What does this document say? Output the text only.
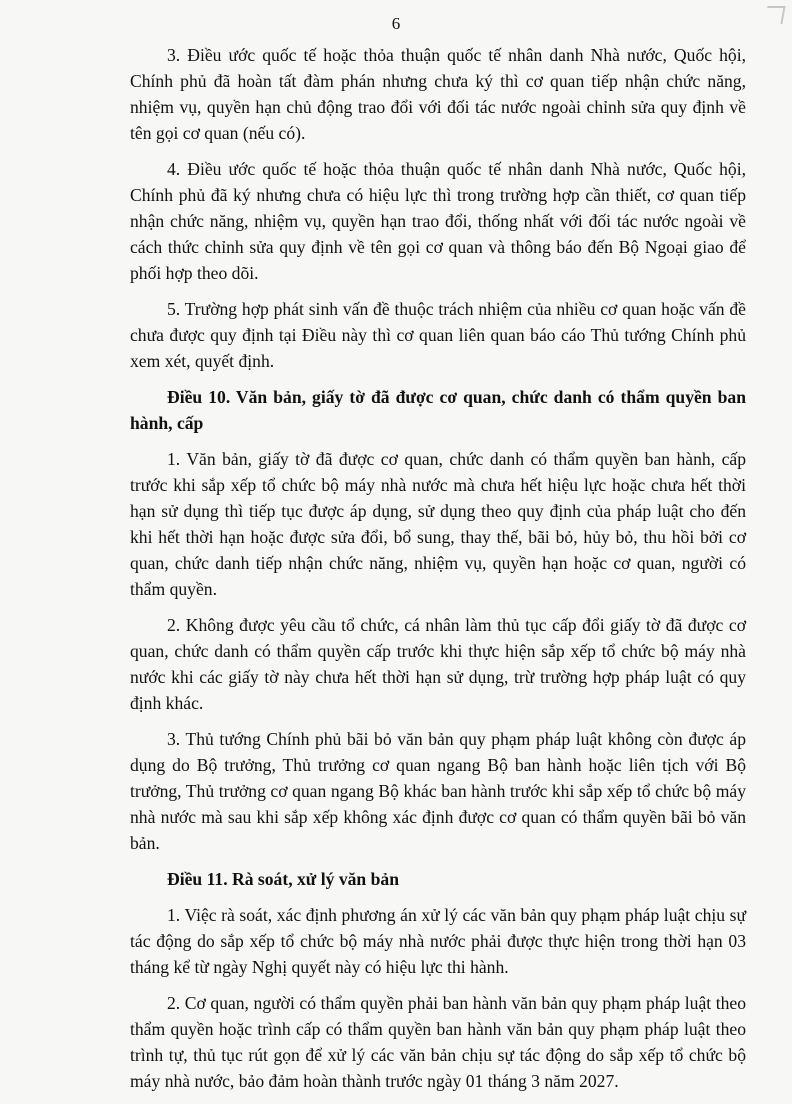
6

3. Điều ước quốc tế hoặc thỏa thuận quốc tế nhân danh Nhà nước, Quốc hội, Chính phủ đã hoàn tất đàm phán nhưng chưa ký thì cơ quan tiếp nhận chức năng, nhiệm vụ, quyền hạn chủ động trao đổi với đối tác nước ngoài chỉnh sửa quy định về tên gọi cơ quan (nếu có).

4. Điều ước quốc tế hoặc thỏa thuận quốc tế nhân danh Nhà nước, Quốc hội, Chính phủ đã ký nhưng chưa có hiệu lực thì trong trường hợp cần thiết, cơ quan tiếp nhận chức năng, nhiệm vụ, quyền hạn trao đổi, thống nhất với đối tác nước ngoài về cách thức chỉnh sửa quy định về tên gọi cơ quan và thông báo đến Bộ Ngoại giao để phối hợp theo dõi.

5. Trường hợp phát sinh vấn đề thuộc trách nhiệm của nhiều cơ quan hoặc vấn đề chưa được quy định tại Điều này thì cơ quan liên quan báo cáo Thủ tướng Chính phủ xem xét, quyết định.

Điều 10. Văn bản, giấy tờ đã được cơ quan, chức danh có thẩm quyền ban hành, cấp

1. Văn bản, giấy tờ đã được cơ quan, chức danh có thẩm quyền ban hành, cấp trước khi sắp xếp tổ chức bộ máy nhà nước mà chưa hết hiệu lực hoặc chưa hết thời hạn sử dụng thì tiếp tục được áp dụng, sử dụng theo quy định của pháp luật cho đến khi hết thời hạn hoặc được sửa đổi, bổ sung, thay thế, bãi bỏ, hủy bỏ, thu hồi bởi cơ quan, chức danh tiếp nhận chức năng, nhiệm vụ, quyền hạn hoặc cơ quan, người có thẩm quyền.

2. Không được yêu cầu tổ chức, cá nhân làm thủ tục cấp đổi giấy tờ đã được cơ quan, chức danh có thẩm quyền cấp trước khi thực hiện sắp xếp tổ chức bộ máy nhà nước khi các giấy tờ này chưa hết thời hạn sử dụng, trừ trường hợp pháp luật có quy định khác.

3. Thủ tướng Chính phủ bãi bỏ văn bản quy phạm pháp luật không còn được áp dụng do Bộ trưởng, Thủ trưởng cơ quan ngang Bộ ban hành hoặc liên tịch với Bộ trưởng, Thủ trưởng cơ quan ngang Bộ khác ban hành trước khi sắp xếp tổ chức bộ máy nhà nước mà sau khi sắp xếp không xác định được cơ quan có thẩm quyền bãi bỏ văn bản.

Điều 11. Rà soát, xử lý văn bản

1. Việc rà soát, xác định phương án xử lý các văn bản quy phạm pháp luật chịu sự tác động do sắp xếp tổ chức bộ máy nhà nước phải được thực hiện trong thời hạn 03 tháng kể từ ngày Nghị quyết này có hiệu lực thi hành.

2. Cơ quan, người có thẩm quyền phải ban hành văn bản quy phạm pháp luật theo thẩm quyền hoặc trình cấp có thẩm quyền ban hành văn bản quy phạm pháp luật theo trình tự, thủ tục rút gọn để xử lý các văn bản chịu sự tác động do sắp xếp tổ chức bộ máy nhà nước, bảo đảm hoàn thành trước ngày 01 tháng 3 năm 2027.
